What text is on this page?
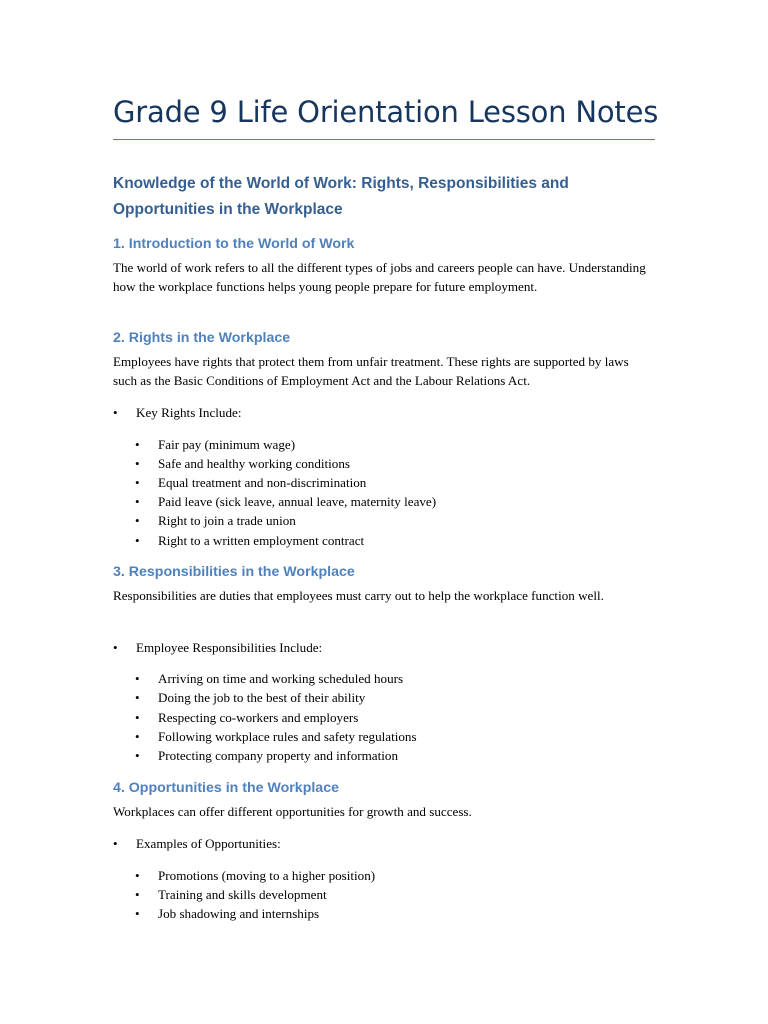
Grade 9 Life Orientation Lesson Notes
Knowledge of the World of Work: Rights, Responsibilities and Opportunities in the Workplace
1. Introduction to the World of Work

The world of work refers to all the different types of jobs and careers people can have. Understanding how the workplace functions helps young people prepare for future employment.

2. Rights in the Workplace

Employees have rights that protect them from unfair treatment. These rights are supported by laws such as the Basic Conditions of Employment Act and the Labour Relations Act.

• Key Rights Include:
• Fair pay (minimum wage)
• Safe and healthy working conditions
• Equal treatment and non-discrimination
• Paid leave (sick leave, annual leave, maternity leave)
• Right to join a trade union
• Right to a written employment contract
3. Responsibilities in the Workplace

Responsibilities are duties that employees must carry out to help the workplace function well.

• Employee Responsibilities Include:
• Arriving on time and working scheduled hours
• Doing the job to the best of their ability
• Respecting co-workers and employers
• Following workplace rules and safety regulations
• Protecting company property and information
4. Opportunities in the Workplace

Workplaces can offer different opportunities for growth and success.

• Examples of Opportunities:
• Promotions (moving to a higher position)
• Training and skills development
• Job shadowing and internships
